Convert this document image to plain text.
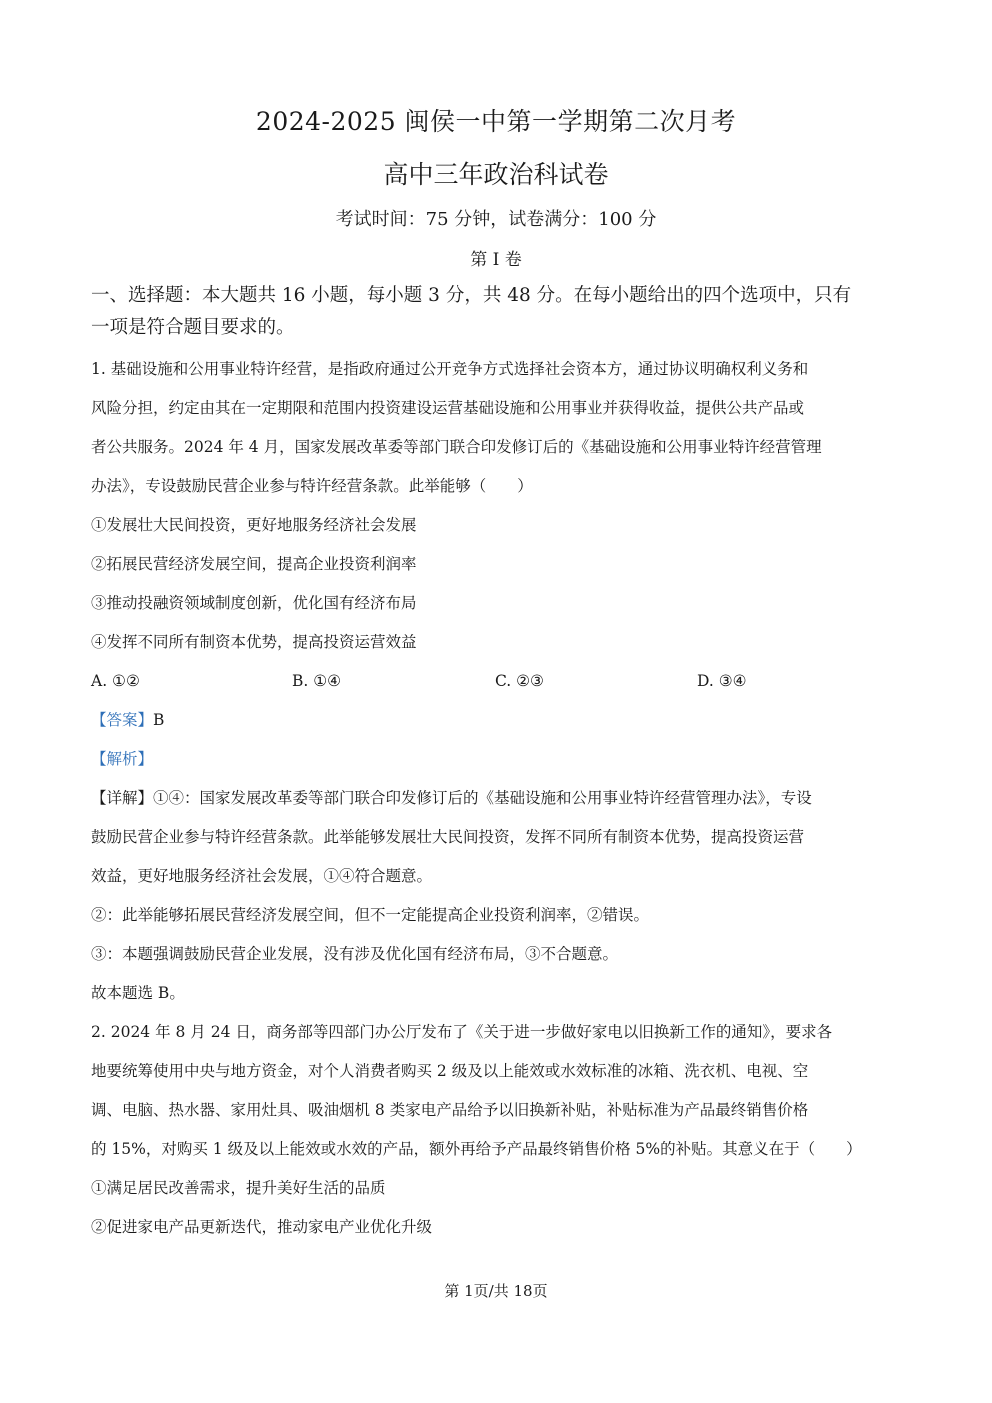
2024-2025 闽侯一中第一学期第二次月考
高中三年政治科试卷
考试时间：75 分钟，试卷满分：100 分
第 I 卷
一、选择题：本大题共 16 小题，每小题 3 分，共 48 分。在每小题给出的四个选项中，只有
一项是符合题目要求的。
1. 基础设施和公用事业特许经营，是指政府通过公开竞争方式选择社会资本方，通过协议明确权利义务和
风险分担，约定由其在一定期限和范围内投资建设运营基础设施和公用事业并获得收益，提供公共产品或
者公共服务。2024 年 4 月，国家发展改革委等部门联合印发修订后的《基础设施和公用事业特许经营管理
办法》，专设鼓励民营企业参与特许经营条款。此举能够（　　）
①发展壮大民间投资，更好地服务经济社会发展
②拓展民营经济发展空间，提高企业投资利润率
③推动投融资领域制度创新，优化国有经济布局
④发挥不同所有制资本优势，提高投资运营效益
A. ①②	B. ①④	C. ②③	D. ③④
【答案】B
【解析】
【详解】①④：国家发展改革委等部门联合印发修订后的《基础设施和公用事业特许经营管理办法》，专设
鼓励民营企业参与特许经营条款。此举能够发展壮大民间投资，发挥不同所有制资本优势，提高投资运营
效益，更好地服务经济社会发展，①④符合题意。
②：此举能够拓展民营经济发展空间，但不一定能提高企业投资利润率，②错误。
③：本题强调鼓励民营企业发展，没有涉及优化国有经济布局，③不合题意。
故本题选 B。
2. 2024 年 8 月 24 日，商务部等四部门办公厅发布了《关于进一步做好家电以旧换新工作的通知》，要求各
地要统筹使用中央与地方资金，对个人消费者购买 2 级及以上能效或水效标准的冰箱、洗衣机、电视、空
调、电脑、热水器、家用灶具、吸油烟机 8 类家电产品给予以旧换新补贴，补贴标准为产品最终销售价格
的 15%，对购买 1 级及以上能效或水效的产品，额外再给予产品最终销售价格 5%的补贴。其意义在于（　　）
①满足居民改善需求，提升美好生活的品质
②促进家电产品更新迭代，推动家电产业优化升级
第 1页/共 18页
